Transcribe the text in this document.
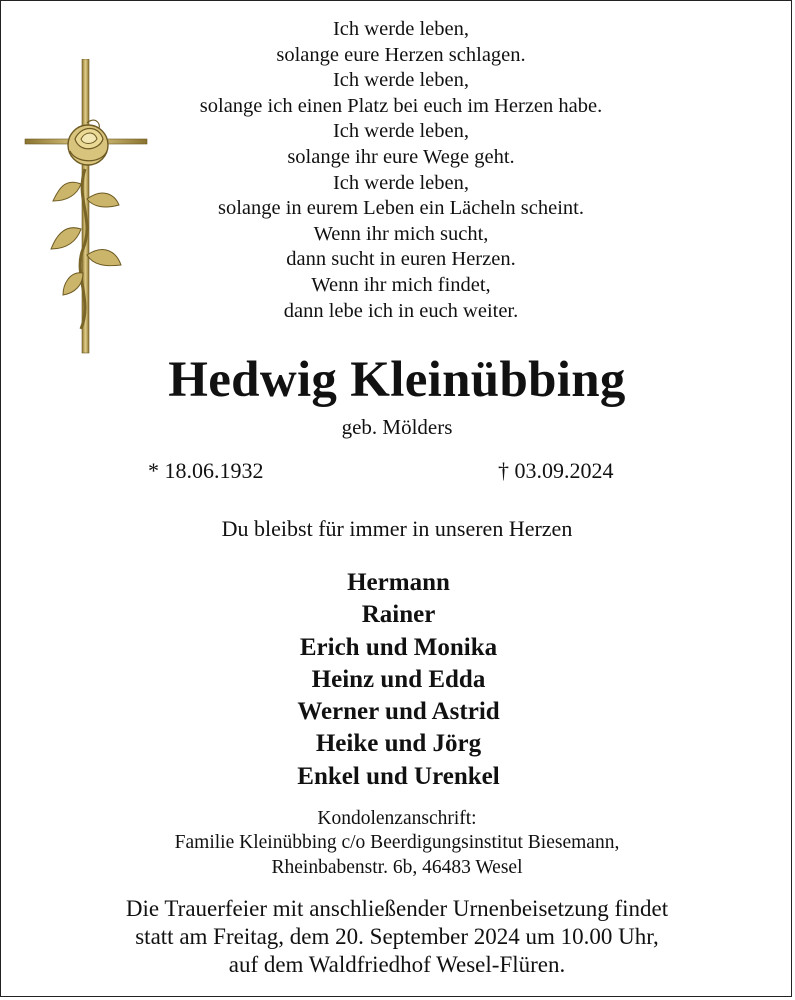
Ich werde leben,
solange eure Herzen schlagen.
Ich werde leben,
solange ich einen Platz bei euch im Herzen habe.
Ich werde leben,
solange ihr eure Wege geht.
Ich werde leben,
solange in eurem Leben ein Lächeln scheint.
Wenn ihr mich sucht,
dann sucht in euren Herzen.
Wenn ihr mich findet,
dann lebe ich in euch weiter.
Hedwig Kleinübbing
geb. Mölders
* 18.06.1932	† 03.09.2024
Du bleibst für immer in unseren Herzen
Hermann
Rainer
Erich und Monika
Heinz und Edda
Werner und Astrid
Heike und Jörg
Enkel und Urenkel
Kondolenzanschrift:
Familie Kleinübbing c/o Beerdigungsinstitut Biesemann,
Rheinbabenstr. 6b, 46483 Wesel
Die Trauerfeier mit anschließender Urnenbeisetzung findet
statt am Freitag, dem 20. September 2024 um 10.00 Uhr,
auf dem Waldfriedhof Wesel-Flüren.
